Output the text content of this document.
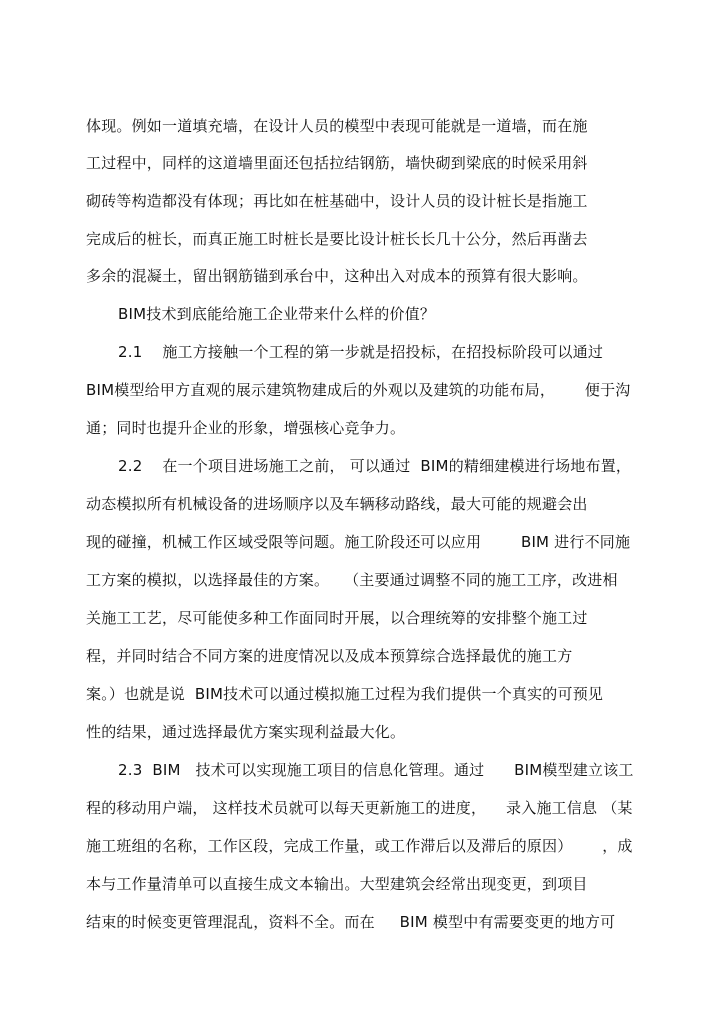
体现。例如一道填充墙，在设计人员的模型中表现可能就是一道墙，而在施
工过程中，同样的这道墙里面还包括拉结钢筋，墙快砌到梁底的时候采用斜
砌砖等构造都没有体现；再比如在桩基础中，设计人员的设计桩长是指施工
完成后的桩长，而真正施工时桩长是要比设计桩长长几十公分，然后再凿去
多余的混凝土，留出钢筋锚到承台中，这种出入对成本的预算有很大影响。
BIM技术到底能给施工企业带来什么样的价值？
2.1    施工方接触一个工程的第一步就是招投标，在招投标阶段可以通过
BIM模型给甲方直观的展示建筑物建成后的外观以及建筑的功能布局，      便于沟
通；同时也提升企业的形象，增强核心竞争力。
2.2    在一个项目进场施工之前， 可以通过  BIM的精细建模进行场地布置，
动态模拟所有机械设备的进场顺序以及车辆移动路线，最大可能的规避会出
现的碰撞，机械工作区域受限等问题。施工阶段还可以应用        BIM 进行不同施
工方案的模拟，以选择最佳的方案。   （主要通过调整不同的施工工序，改进相
关施工工艺，尽可能使多种工作面同时开展，以合理统筹的安排整个施工过
程，并同时结合不同方案的进度情况以及成本预算综合选择最优的施工方
案。）也就是说  BIM技术可以通过模拟施工过程为我们提供一个真实的可预见
性的结果，通过选择最优方案实现利益最大化。
2.3  BIM   技术可以实现施工项目的信息化管理。通过      BIM模型建立该工
程的移动用户端， 这样技术员就可以每天更新施工的进度，    录入施工信息 （某
施工班组的名称，工作区段，完成工作量，或工作滞后以及滞后的原因）      ，成
本与工作量清单可以直接生成文本输出。大型建筑会经常出现变更，到项目
结束的时候变更管理混乱，资料不全。而在     BIM 模型中有需要变更的地方可
